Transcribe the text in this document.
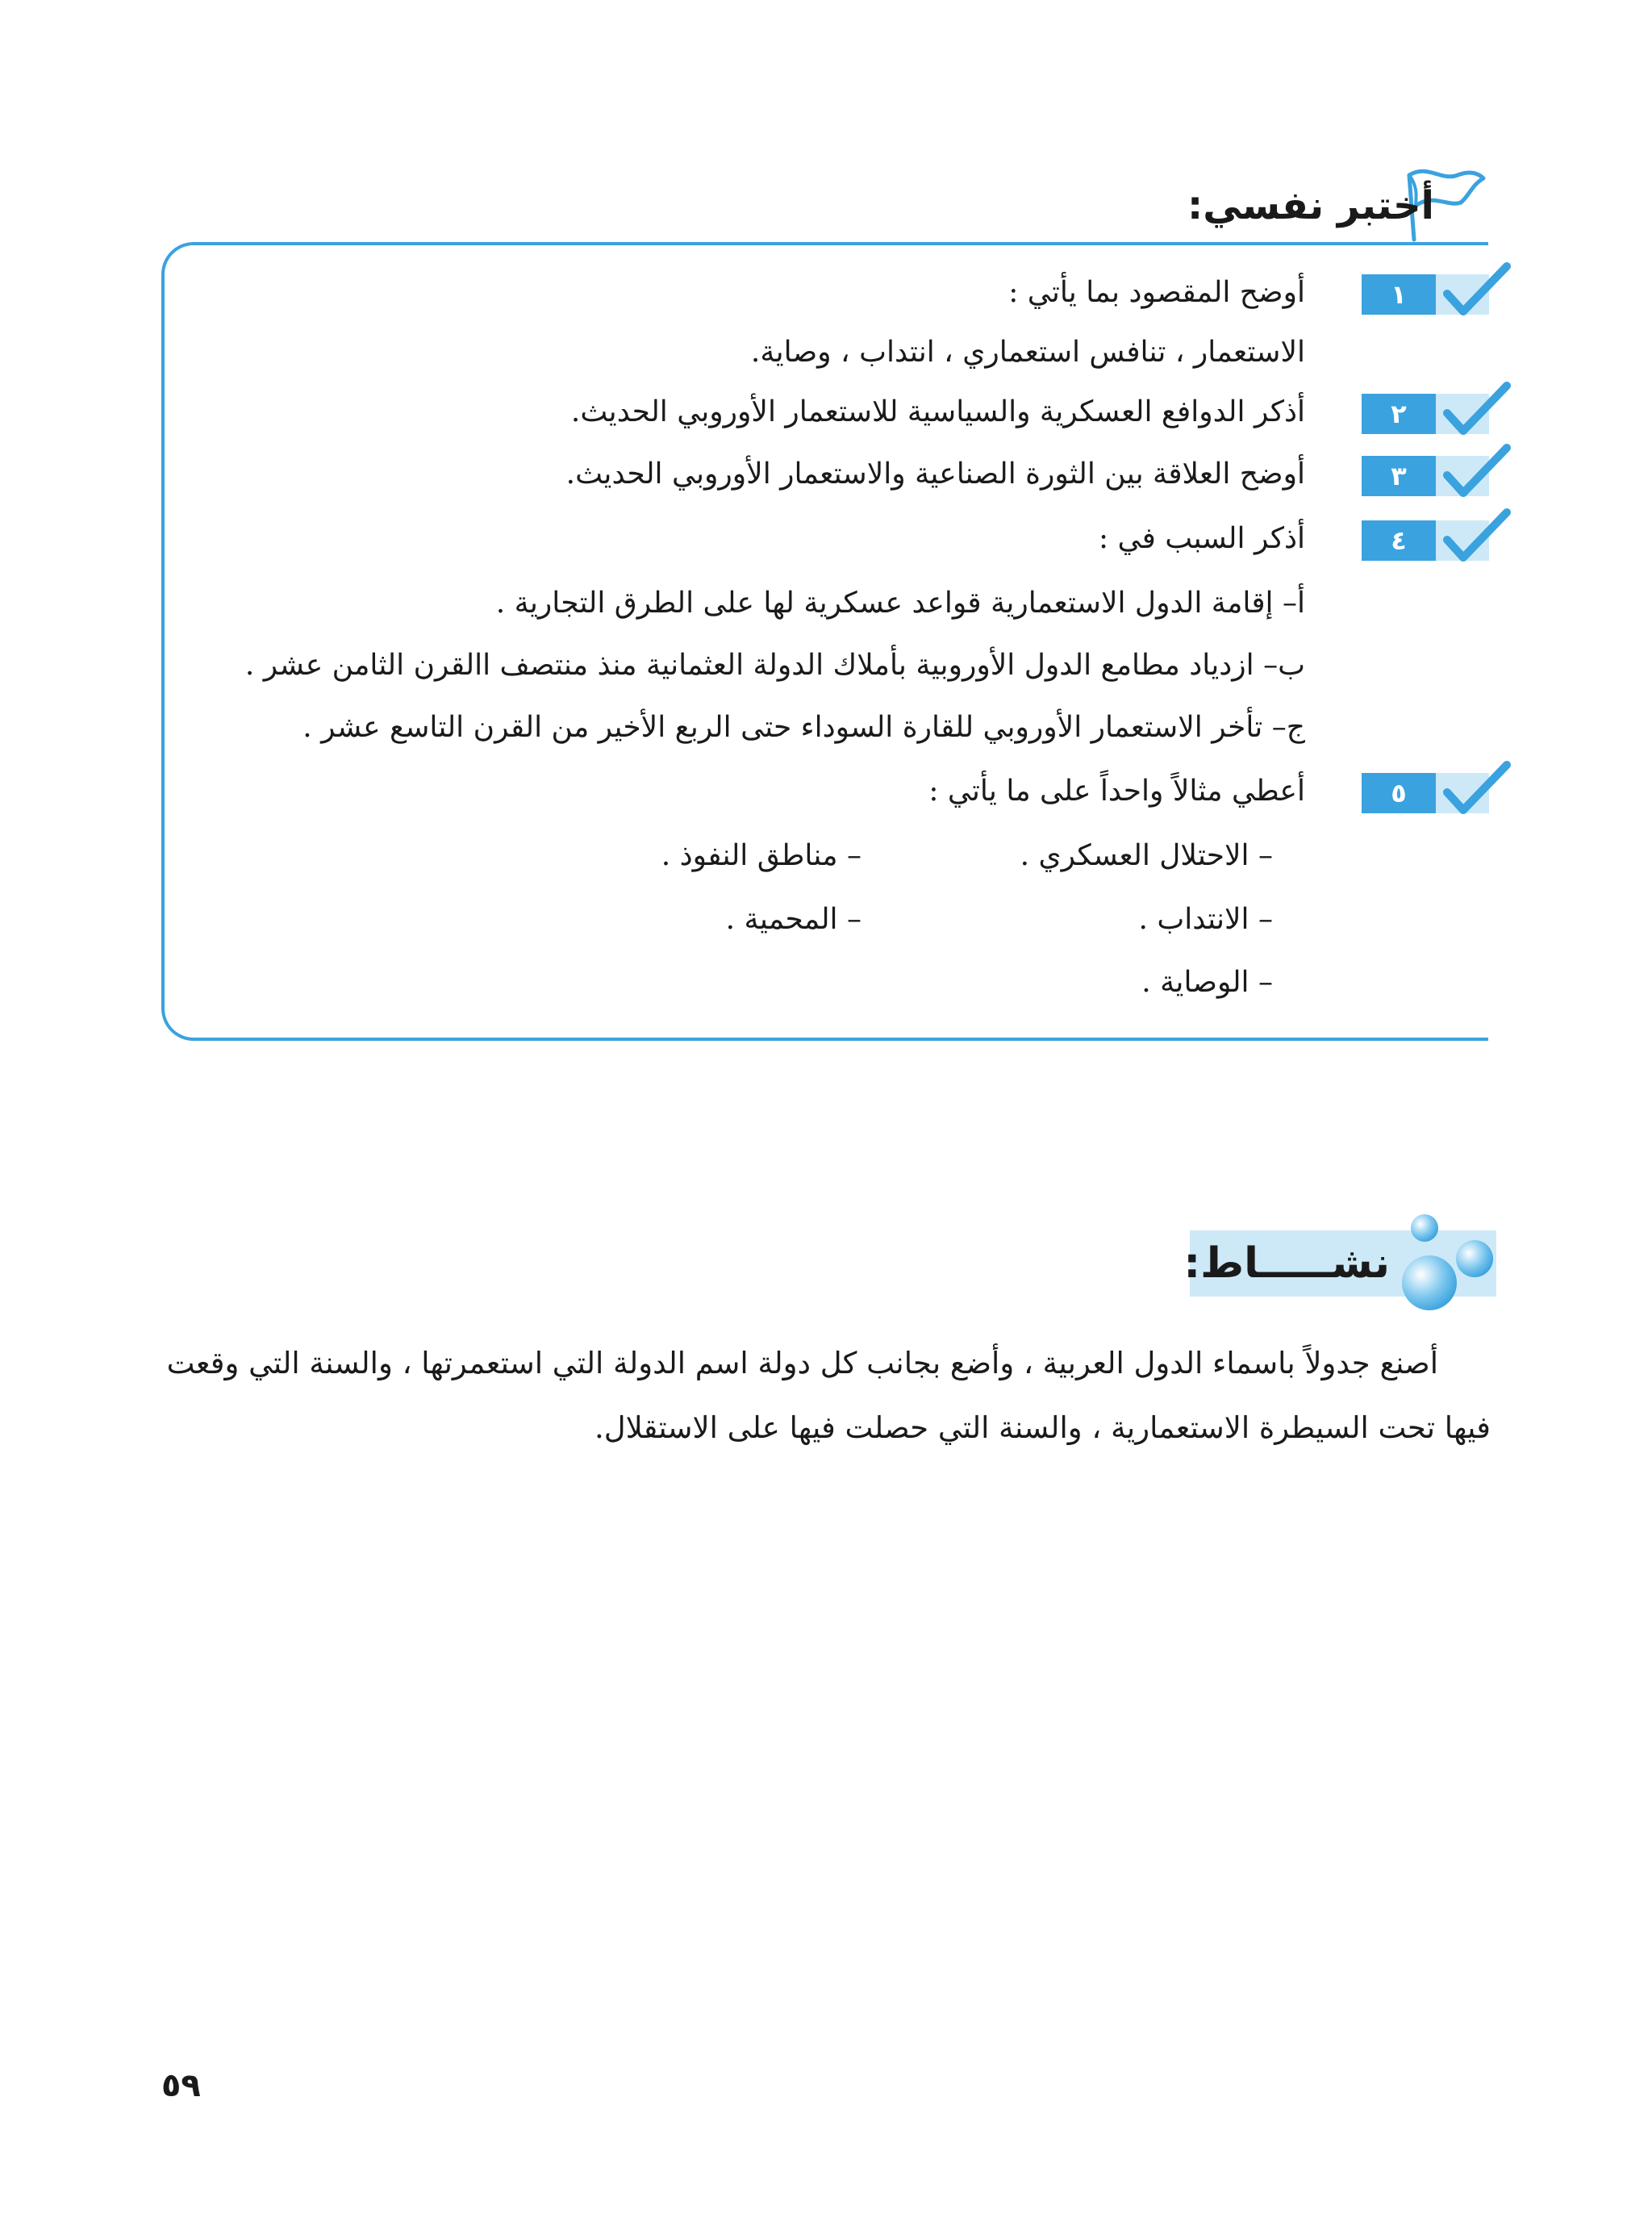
أختبر نفسي:
١
أوضح المقصود بما يأتي :
الاستعمار ، تنافس استعماري ، انتداب ، وصاية.
٢
أذكر الدوافع العسكرية والسياسية للاستعمار الأوروبي الحديث.
٣
أوضح العلاقة بين الثورة الصناعية والاستعمار الأوروبي الحديث.
٤
أذكر السبب في :
أ– إقامة الدول الاستعمارية قواعد عسكرية لها على الطرق التجارية .
ب– ازدياد مطامع الدول الأوروبية بأملاك الدولة العثمانية منذ منتصف االقرن الثامن عشر .
ج– تأخر الاستعمار الأوروبي للقارة السوداء حتى الربع الأخير من القرن التاسع عشر .
٥
أعطي مثالاً واحداً على ما يأتي :
– الاحتلال العسكري .
– مناطق النفوذ .
– الانتداب .
– المحمية .
– الوصاية .
نشـــــاط:
أصنع جدولاً باسماء الدول العربية ، وأضع بجانب كل دولة اسم الدولة التي استعمرتها ، والسنة التي وقعت
فيها تحت السيطرة الاستعمارية ، والسنة التي حصلت فيها على الاستقلال.
٥٩
